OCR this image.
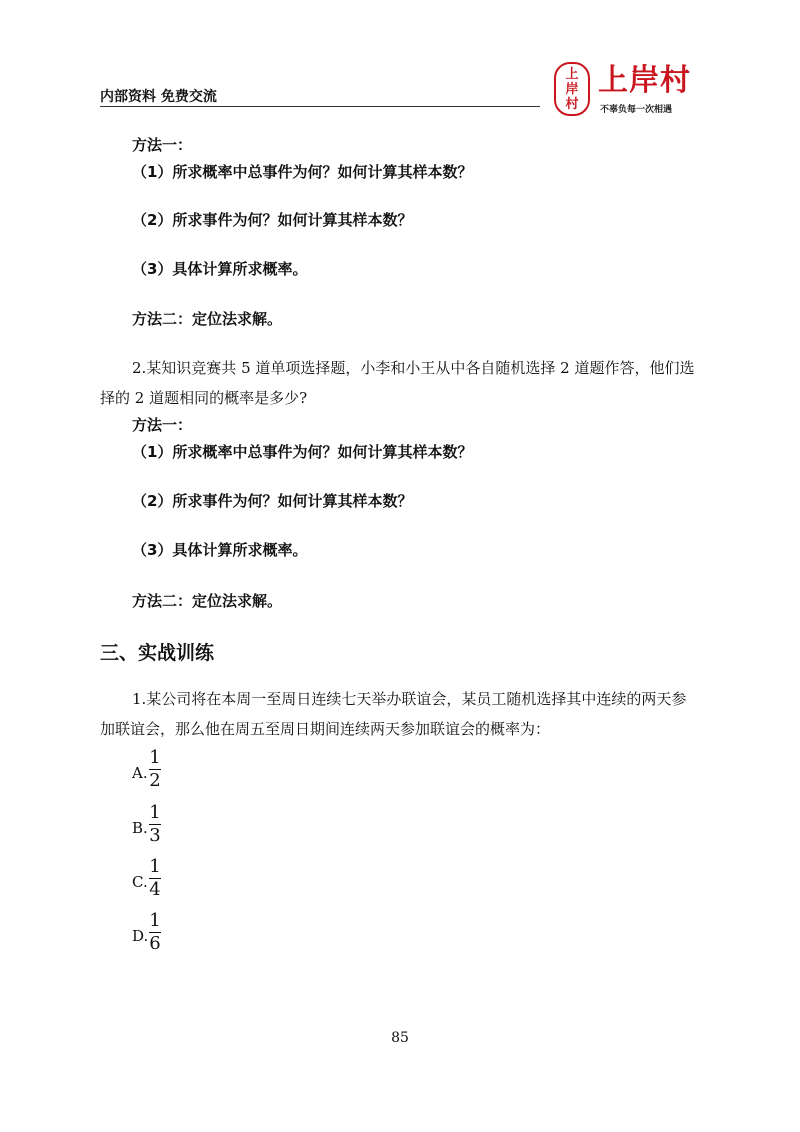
内部资料 免费交流
上
岸
村
上岸村
不辜负每一次相遇
方法一：
（1）所求概率中总事件为何？如何计算其样本数？
（2）所求事件为何？如何计算其样本数？
（3）具体计算所求概率。
方法二：定位法求解。
2.某知识竞赛共 5 道单项选择题，小李和小王从中各自随机选择 2 道题作答，他们选择的 2 道题相同的概率是多少?
方法一：
（1）所求概率中总事件为何？如何计算其样本数？
（2）所求事件为何？如何计算其样本数？
（3）具体计算所求概率。
方法二：定位法求解。
三、实战训练
1.某公司将在本周一至周日连续七天举办联谊会，某员工随机选择其中连续的两天参加联谊会，那么他在周五至周日期间连续两天参加联谊会的概率为：
A.
1
2
B.
1
3
C.
1
4
D.
1
6
85
